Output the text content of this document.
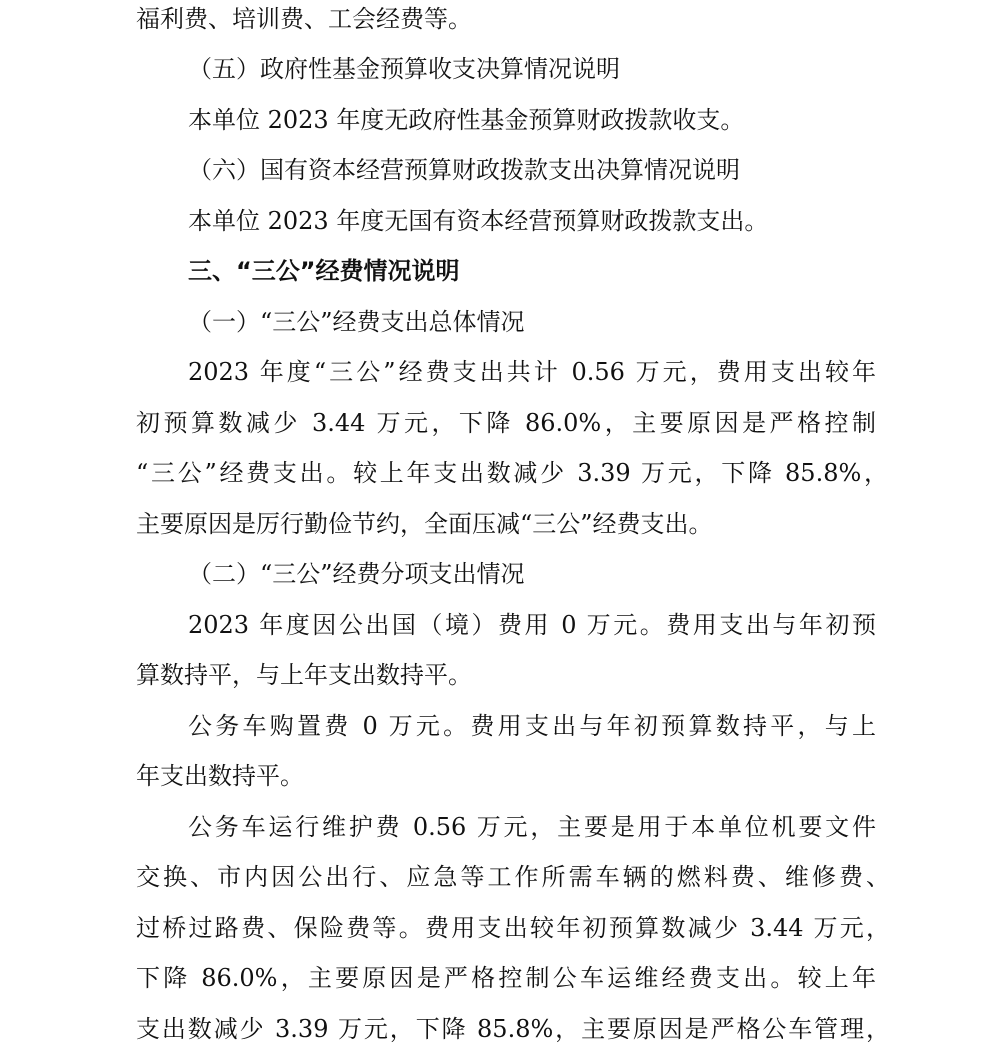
福利费、培训费、工会经费等。
（五）政府性基金预算收支决算情况说明
本单位 2023 年度无政府性基金预算财政拨款收支。
（六）国有资本经营预算财政拨款支出决算情况说明
本单位 2023 年度无国有资本经营预算财政拨款支出。
三、“三公”经费情况说明
（一）“三公”经费支出总体情况
2023 年度“三公”经费支出共计 0.56 万元，费用支出较年
初预算数减少 3.44 万元，下降 86.0%，主要原因是严格控制
“三公”经费支出。较上年支出数减少 3.39 万元，下降 85.8%，
主要原因是厉行勤俭节约，全面压减“三公”经费支出。
（二）“三公”经费分项支出情况
2023 年度因公出国（境）费用 0 万元。费用支出与年初预
算数持平，与上年支出数持平。
公务车购置费 0 万元。费用支出与年初预算数持平，与上
年支出数持平。
公务车运行维护费 0.56 万元，主要是用于本单位机要文件
交换、市内因公出行、应急等工作所需车辆的燃料费、维修费、
过桥过路费、保险费等。费用支出较年初预算数减少 3.44 万元，
下降 86.0%，主要原因是严格控制公车运维经费支出。较上年
支出数减少 3.39 万元，下降 85.8%，主要原因是严格公车管理，
